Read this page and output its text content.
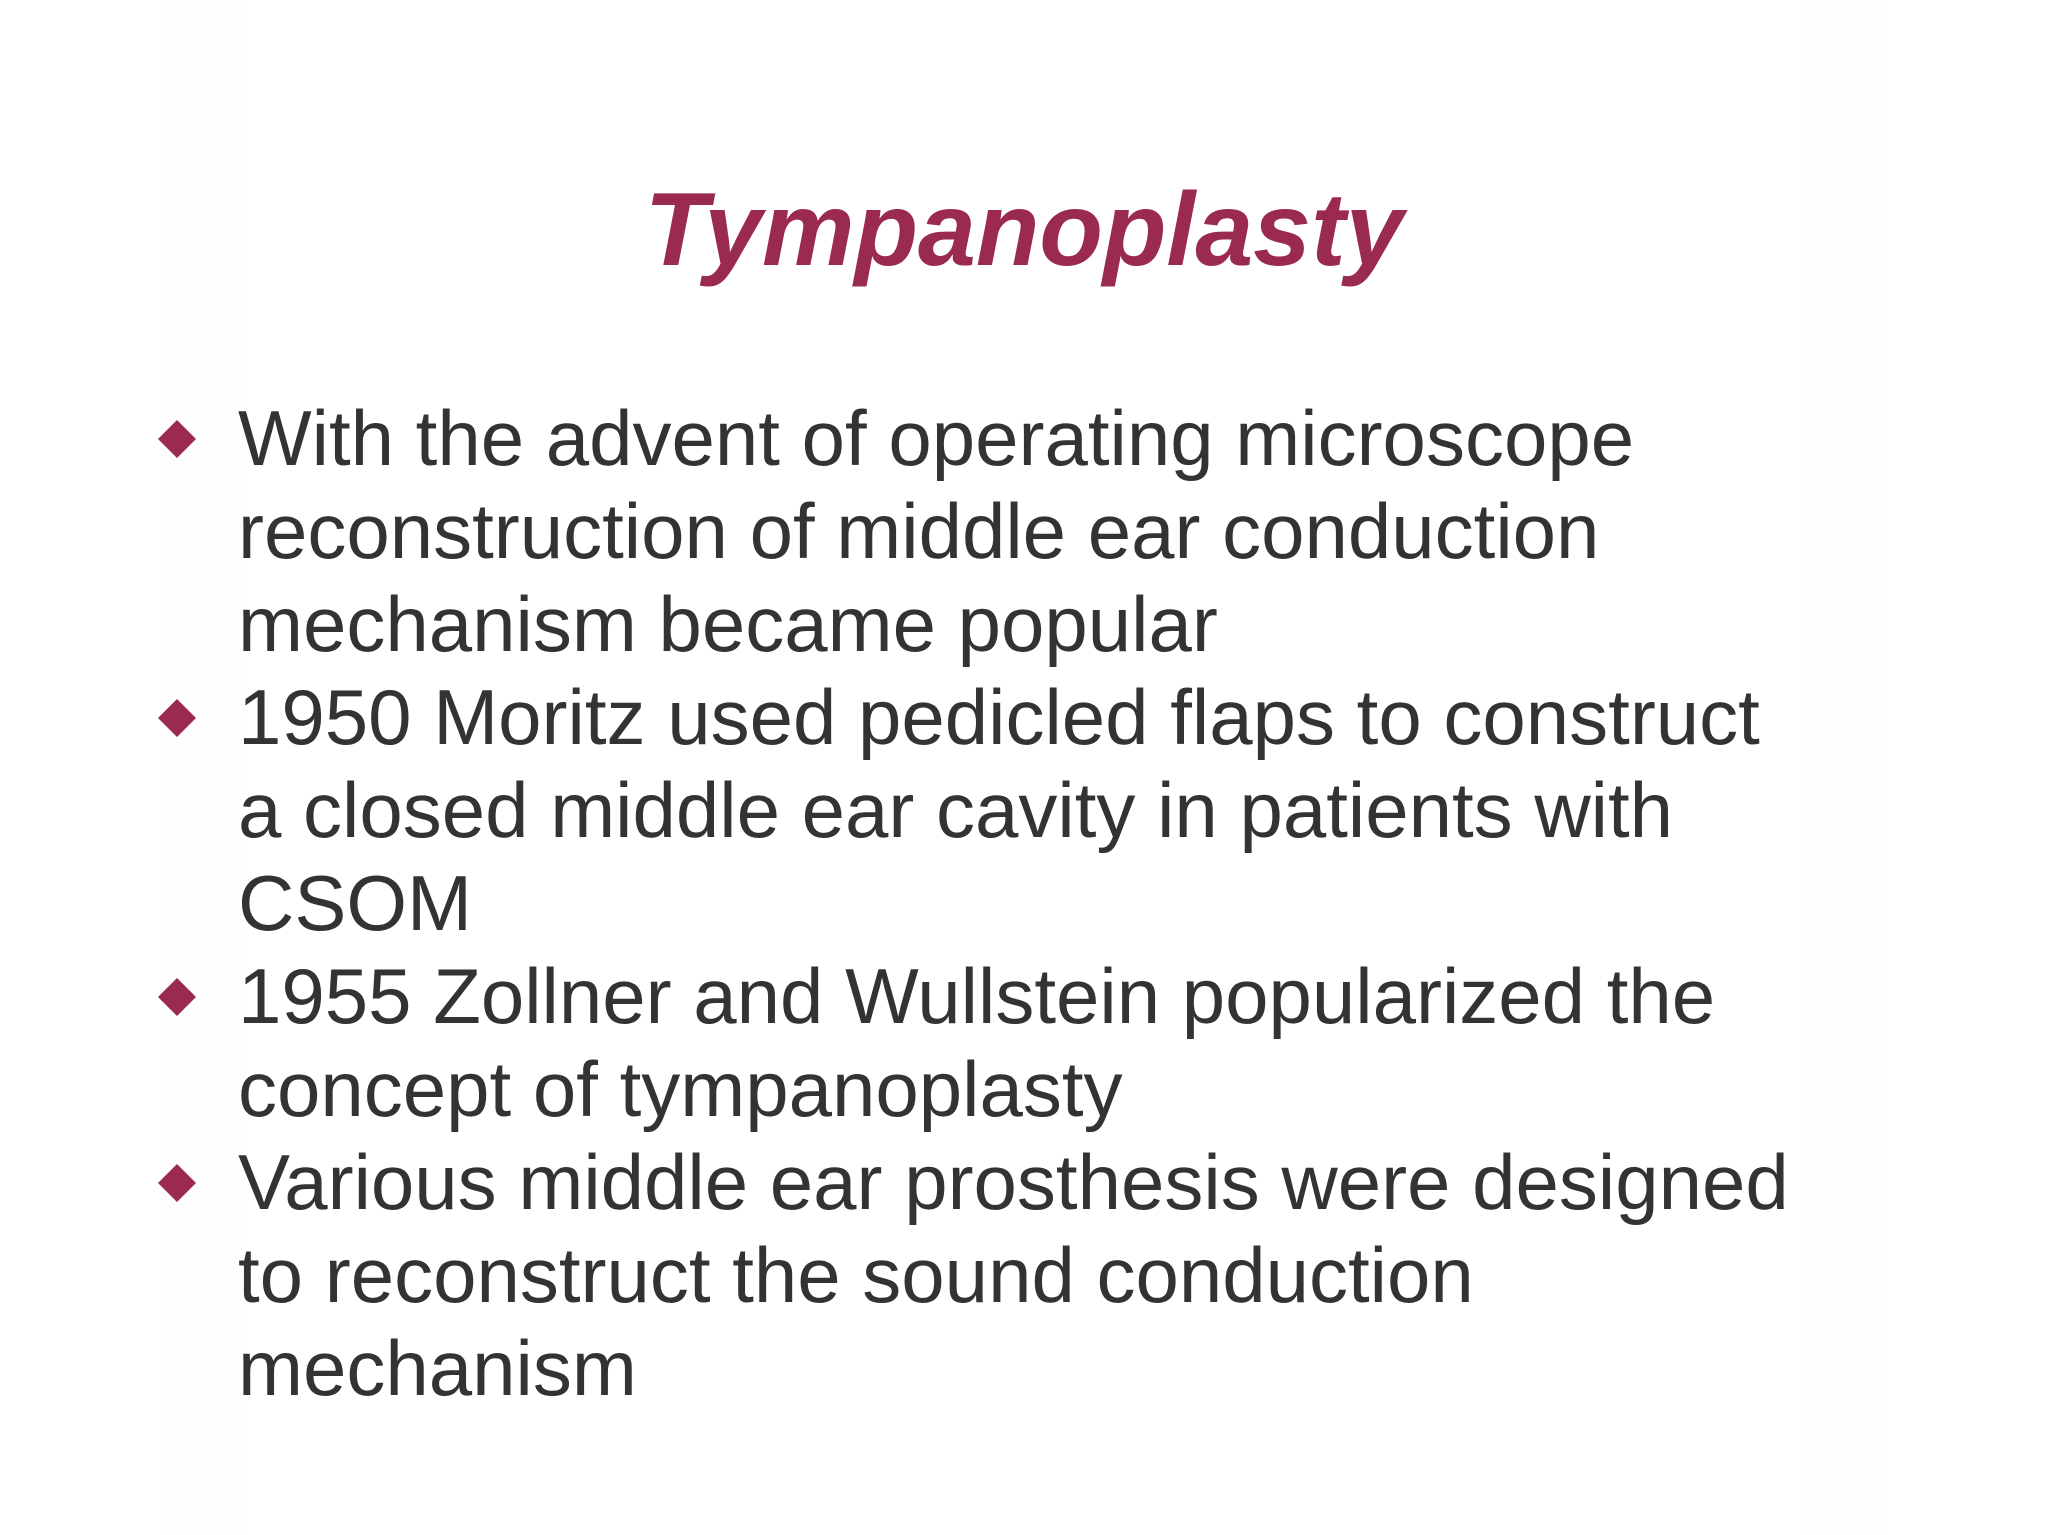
Tympanoplasty
With the advent of operating microscope
reconstruction of middle ear conduction
mechanism became popular
1950 Moritz used pedicled flaps to construct
a closed middle ear cavity in patients with
CSOM
1955 Zollner and Wullstein popularized the
concept of tympanoplasty
Various middle ear prosthesis were designed
to reconstruct the sound conduction
mechanism
